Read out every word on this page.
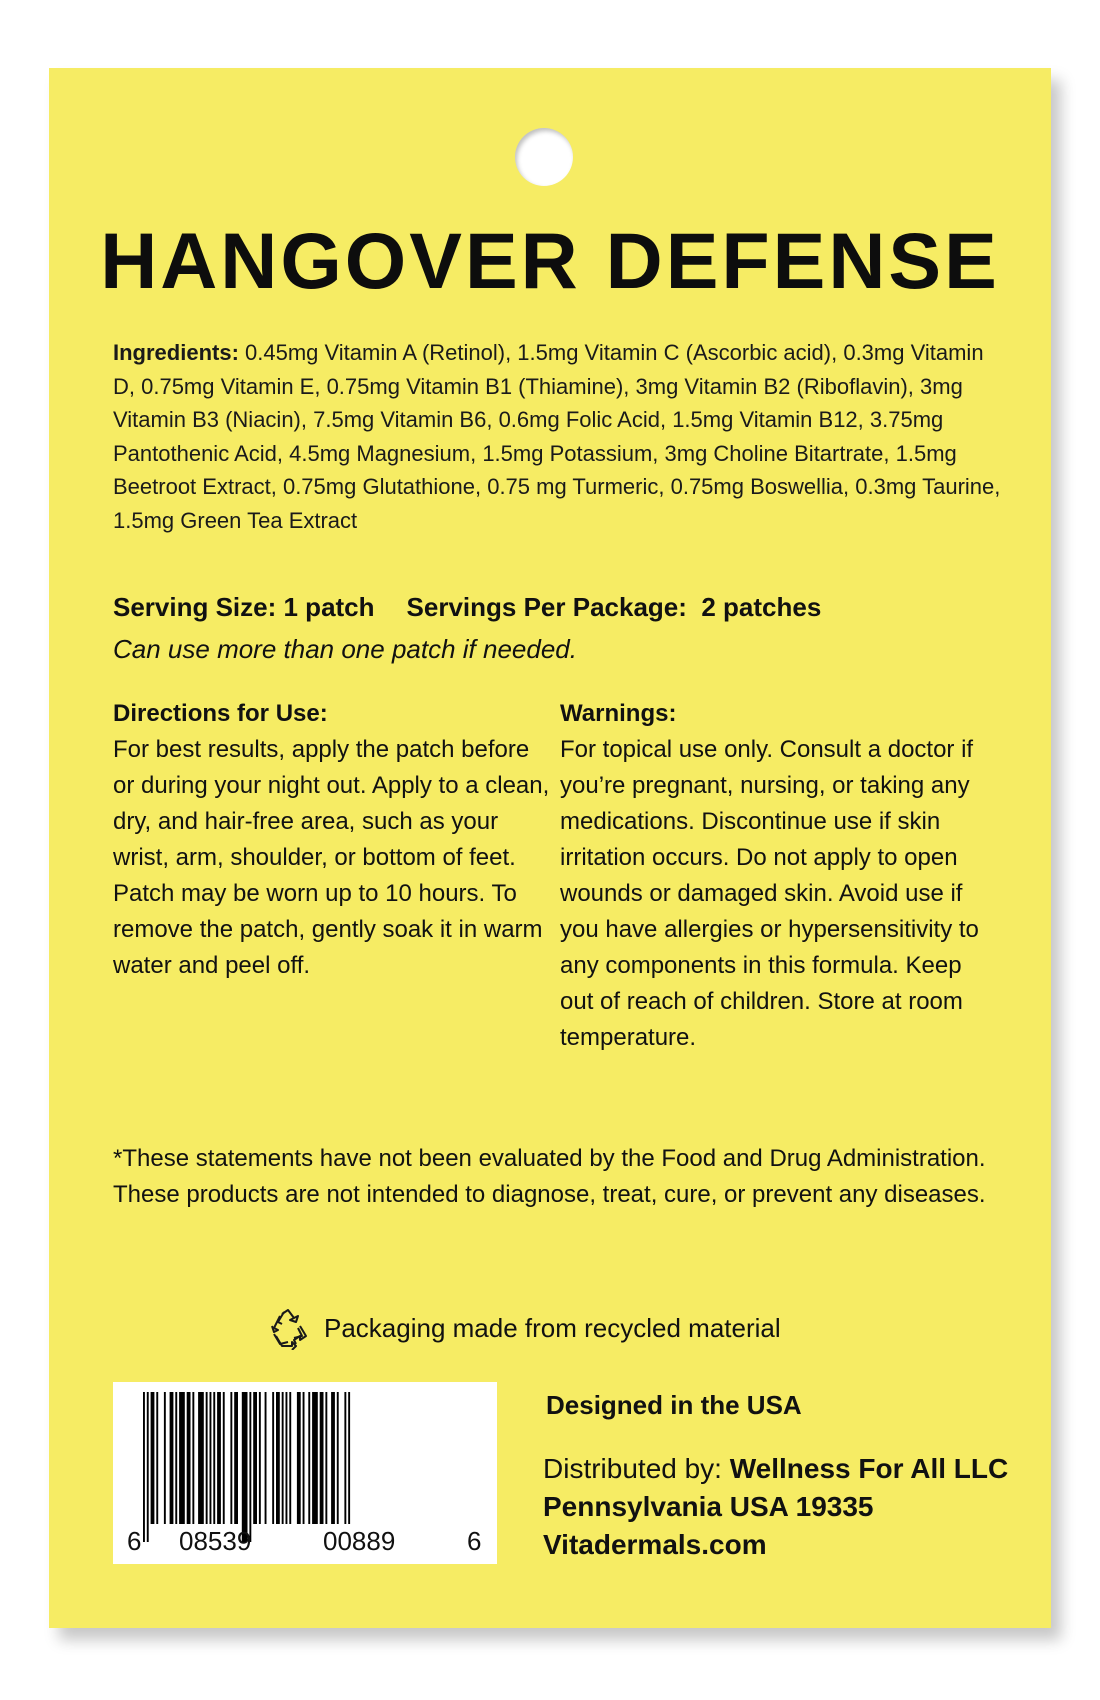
HANGOVER DEFENSE
Ingredients: 0.45mg Vitamin A (Retinol), 1.5mg Vitamin C (Ascorbic acid), 0.3mg Vitamin D, 0.75mg Vitamin E, 0.75mg Vitamin B1 (Thiamine), 3mg Vitamin B2 (Riboflavin), 3mg Vitamin B3 (Niacin), 7.5mg Vitamin B6, 0.6mg Folic Acid, 1.5mg Vitamin B12, 3.75mg Pantothenic Acid, 4.5mg Magnesium, 1.5mg Potassium, 3mg Choline Bitartrate, 1.5mg Beetroot Extract, 0.75mg Glutathione, 0.75 mg Turmeric, 0.75mg Boswellia, 0.3mg Taurine, 1.5mg Green Tea Extract
Serving Size: 1 patch Servings Per Package:  2 patches
Can use more than one patch if needed.
Directions for Use:

For best results, apply the patch before or during your night out. Apply to a clean, dry, and hair-free area, such as your wrist, arm, shoulder, or bottom of feet. Patch may be worn up to 10 hours. To remove the patch, gently soak it in warm water and peel off.

Warnings:

For topical use only. Consult a doctor if you’re pregnant, nursing, or taking any medications. Discontinue use if skin irritation occurs. Do not apply to open wounds or damaged skin. Avoid use if you have allergies or hypersensitivity to any components in this formula. Keep out of reach of children. Store at room temperature.

*These statements have not been evaluated by the Food and Drug Administration. These products are not intended to diagnose, treat, cure, or prevent any diseases.
Packaging made from recycled material
6 08539	00889	6
Designed in the USA
Distributed by: Wellness For All LLC
Pennsylvania USA 19335
Vitadermals.com
